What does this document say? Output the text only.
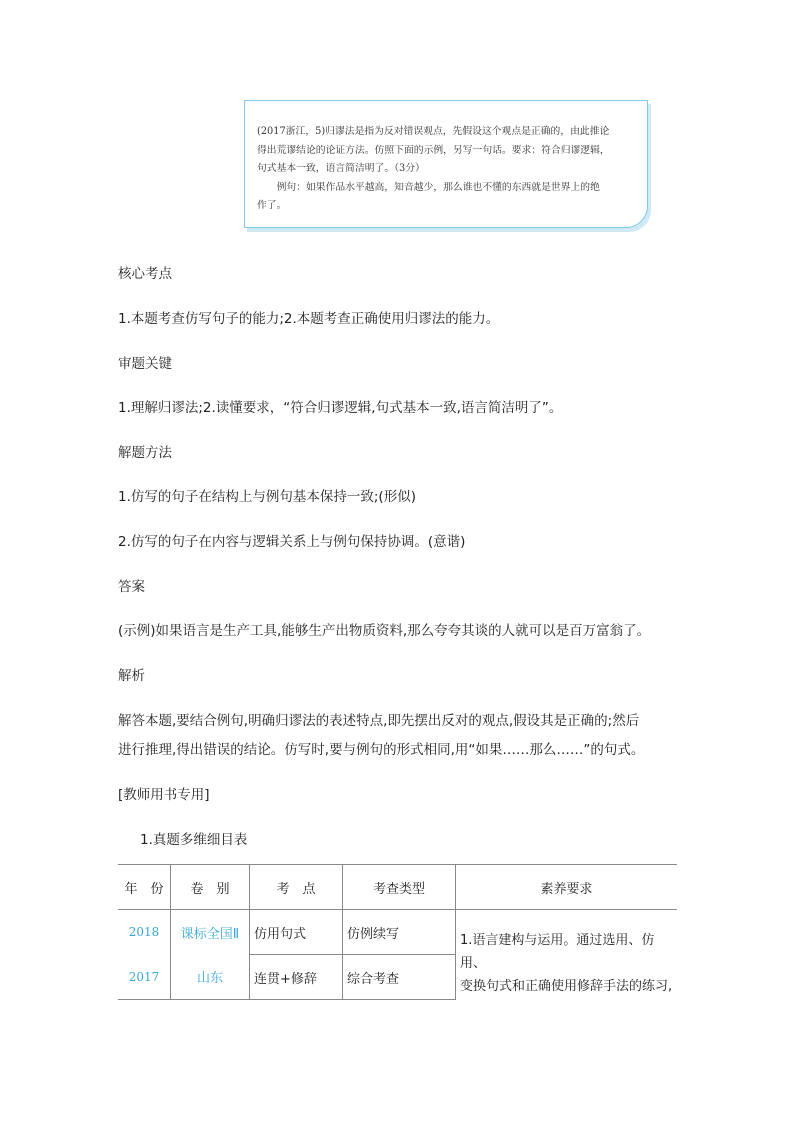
(2017浙江，5)归谬法是指为反对错误观点，先假设这个观点是正确的，由此推论

得出荒谬结论的论证方法。仿照下面的示例，另写一句话。要求：符合归谬逻辑，

句式基本一致，语言简洁明了。（3分）

例句：如果作品水平越高，知音越少，那么谁也不懂的东西就是世界上的绝

作了。

核心考点
1.本题考查仿写句子的能力;2.本题考查正确使用归谬法的能力。
审题关键
1.理解归谬法;2.读懂要求，“符合归谬逻辑,句式基本一致,语言简洁明了”。
解题方法
1.仿写的句子在结构上与例句基本保持一致;(形似)
2.仿写的句子在内容与逻辑关系上与例句保持协调。(意谐)
答案
(示例)如果语言是生产工具,能够生产出物质资料,那么夸夸其谈的人就可以是百万富翁了。
解析
解答本题,要结合例句,明确归谬法的表述特点,即先摆出反对的观点,假设其是正确的;然后
进行推理,得出错误的结论。仿写时,要与例句的形式相同,用“如果……那么……”的句式。
[教师用书专用]
1.真题多维细目表
年　份	卷　别	考　点	考查类型	素养要求
2018	课标全国Ⅱ	仿用句式	仿例续写	1.语言建构与运用。通过选用、仿用、
变换句式和正确使用修辞手法的练习,

2017	山东	连贯+修辞	综合考查	
